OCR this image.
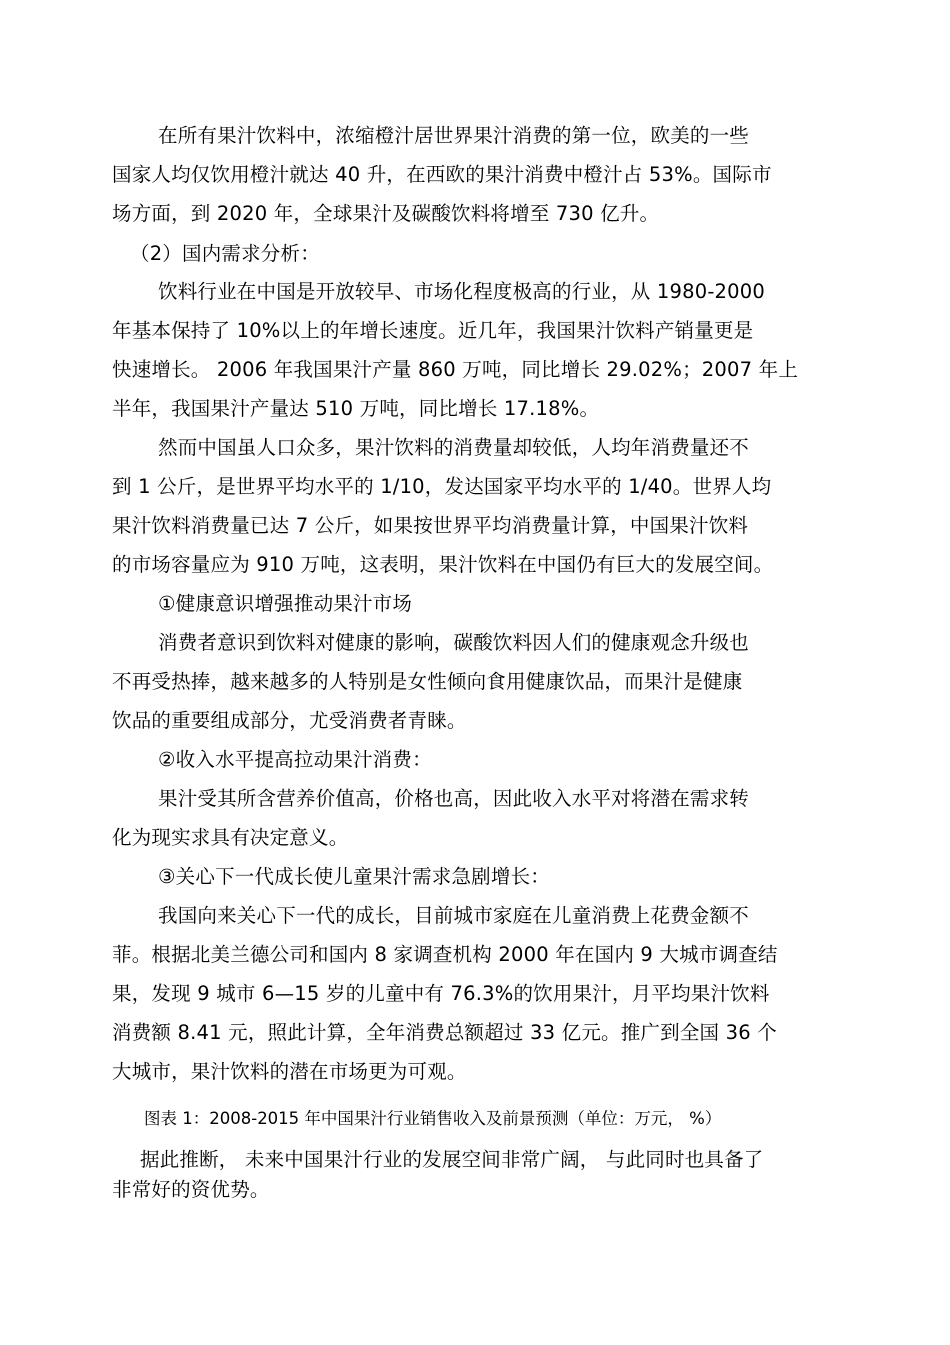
在所有果汁饮料中，浓缩橙汁居世界果汁消费的第一位，欧美的一些
国家人均仅饮用橙汁就达 40 升，在西欧的果汁消费中橙汁占 53%。国际市
场方面，到 2020 年，全球果汁及碳酸饮料将增至 730 亿升。
（2）国内需求分析：
饮料行业在中国是开放较早、市场化程度极高的行业，从 1980-2000
年基本保持了 10%以上的年增长速度。近几年，我国果汁饮料产销量更是
快速增长。 2006 年我国果汁产量 860 万吨，同比增长 29.02%；2007 年上
半年，我国果汁产量达 510 万吨，同比增长 17.18%。
然而中国虽人口众多，果汁饮料的消费量却较低，人均年消费量还不
到 1 公斤，是世界平均水平的 1/10，发达国家平均水平的 1/40。世界人均
果汁饮料消费量已达 7 公斤，如果按世界平均消费量计算，中国果汁饮料
的市场容量应为 910 万吨，这表明，果汁饮料在中国仍有巨大的发展空间。
①健康意识增强推动果汁市场
消费者意识到饮料对健康的影响，碳酸饮料因人们的健康观念升级也
不再受热捧，越来越多的人特别是女性倾向食用健康饮品，而果汁是健康
饮品的重要组成部分，尤受消费者青睐。
②收入水平提高拉动果汁消费：
果汁受其所含营养价值高，价格也高，因此收入水平对将潜在需求转
化为现实求具有决定意义。
③关心下一代成长使儿童果汁需求急剧增长：
我国向来关心下一代的成长，目前城市家庭在儿童消费上花费金额不
菲。根据北美兰德公司和国内 8 家调查机构 2000 年在国内 9 大城市调查结
果，发现 9 城市 6—15 岁的儿童中有 76.3%的饮用果汁，月平均果汁饮料
消费额 8.41 元，照此计算，全年消费总额超过 33 亿元。推广到全国 36 个
大城市，果汁饮料的潜在市场更为可观。
图表 1：2008-2015 年中国果汁行业销售收入及前景预测（单位：万元， %）
据此推断， 未来中国果汁行业的发展空间非常广阔， 与此同时也具备了
非常好的资优势。
